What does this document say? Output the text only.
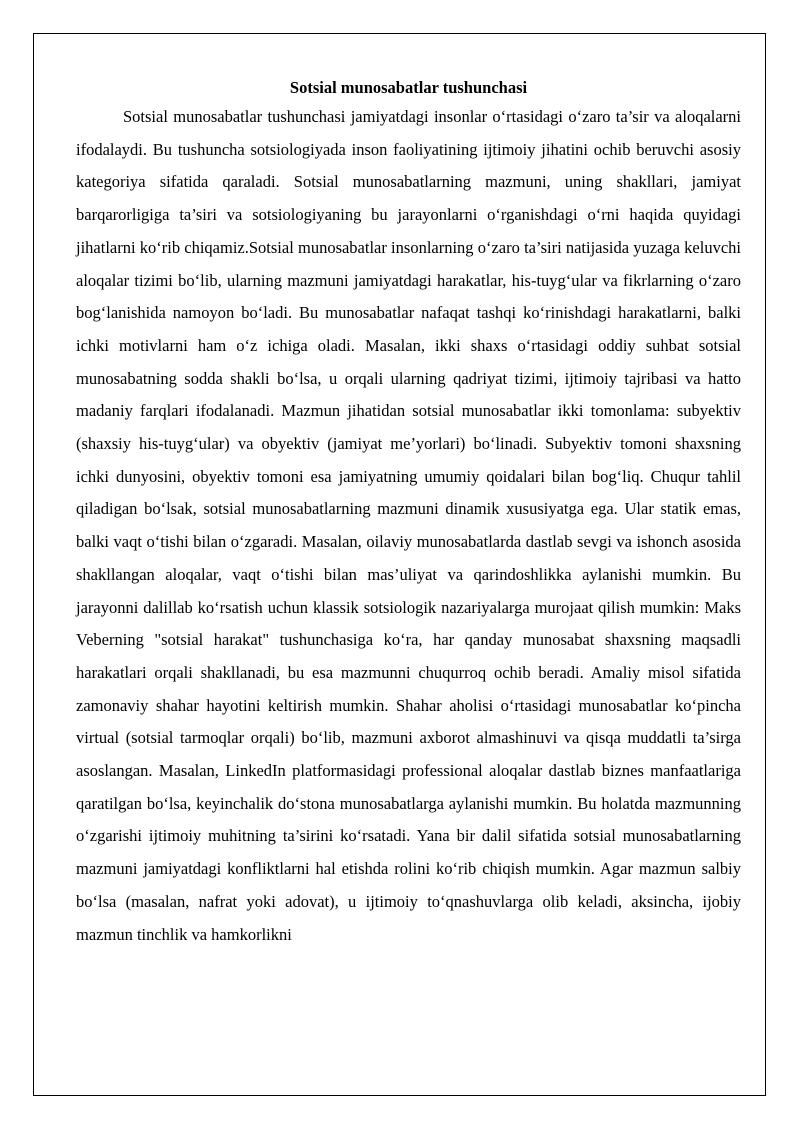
Sotsial munosabatlar tushunchasi

Sotsial munosabatlar tushunchasi jamiyatdagi insonlar o‘rtasidagi o‘zaro ta’sir va aloqalarni ifodalaydi. Bu tushuncha sotsiologiyada inson faoliyatining ijtimoiy jihatini ochib beruvchi asosiy kategoriya sifatida qaraladi. Sotsial munosabatlarning mazmuni, uning shakllari, jamiyat barqarorligiga ta’siri va sotsiologiyaning bu jarayonlarni o‘rganishdagi o‘rni haqida quyidagi jihatlarni ko‘rib chiqamiz.Sotsial munosabatlar insonlarning o‘zaro ta’siri natijasida yuzaga keluvchi aloqalar tizimi bo‘lib, ularning mazmuni jamiyatdagi harakatlar, his-tuyg‘ular va fikrlarning o‘zaro bog‘lanishida namoyon bo‘ladi. Bu munosabatlar nafaqat tashqi ko‘rinishdagi harakatlarni, balki ichki motivlarni ham o‘z ichiga oladi. Masalan, ikki shaxs o‘rtasidagi oddiy suhbat sotsial munosabatning sodda shakli bo‘lsa, u orqali ularning qadriyat tizimi, ijtimoiy tajribasi va hatto madaniy farqlari ifodalanadi. Mazmun jihatidan sotsial munosabatlar ikki tomonlama: subyektiv (shaxsiy his-tuyg‘ular) va obyektiv (jamiyat me’yorlari) bo‘linadi. Subyektiv tomoni shaxsning ichki dunyosini, obyektiv tomoni esa jamiyatning umumiy qoidalari bilan bog‘liq. Chuqur tahlil qiladigan bo‘lsak, sotsial munosabatlarning mazmuni dinamik xususiyatga ega. Ular statik emas, balki vaqt o‘tishi bilan o‘zgaradi. Masalan, oilaviy munosabatlarda dastlab sevgi va ishonch asosida shakllangan aloqalar, vaqt o‘tishi bilan mas’uliyat va qarindoshlikka aylanishi mumkin. Bu jarayonni dalillab ko‘rsatish uchun klassik sotsiologik nazariyalarga murojaat qilish mumkin: Maks Veberning "sotsial harakat" tushunchasiga ko‘ra, har qanday munosabat shaxsning maqsadli harakatlari orqali shakllanadi, bu esa mazmunni chuqurroq ochib beradi. Amaliy misol sifatida zamonaviy shahar hayotini keltirish mumkin. Shahar aholisi o‘rtasidagi munosabatlar ko‘pincha virtual (sotsial tarmoqlar orqali) bo‘lib, mazmuni axborot almashinuvi va qisqa muddatli ta’sirga asoslangan. Masalan, LinkedIn platformasidagi professional aloqalar dastlab biznes manfaatlariga qaratilgan bo‘lsa, keyinchalik do‘stona munosabatlarga aylanishi mumkin. Bu holatda mazmunning o‘zgarishi ijtimoiy muhitning ta’sirini ko‘rsatadi. Yana bir dalil sifatida sotsial munosabatlarning mazmuni jamiyatdagi konfliktlarni hal etishda rolini ko‘rib chiqish mumkin. Agar mazmun salbiy bo‘lsa (masalan, nafrat yoki adovat), u ijtimoiy to‘qnashuvlarga olib keladi, aksincha, ijobiy mazmun tinchlik va hamkorlikni
